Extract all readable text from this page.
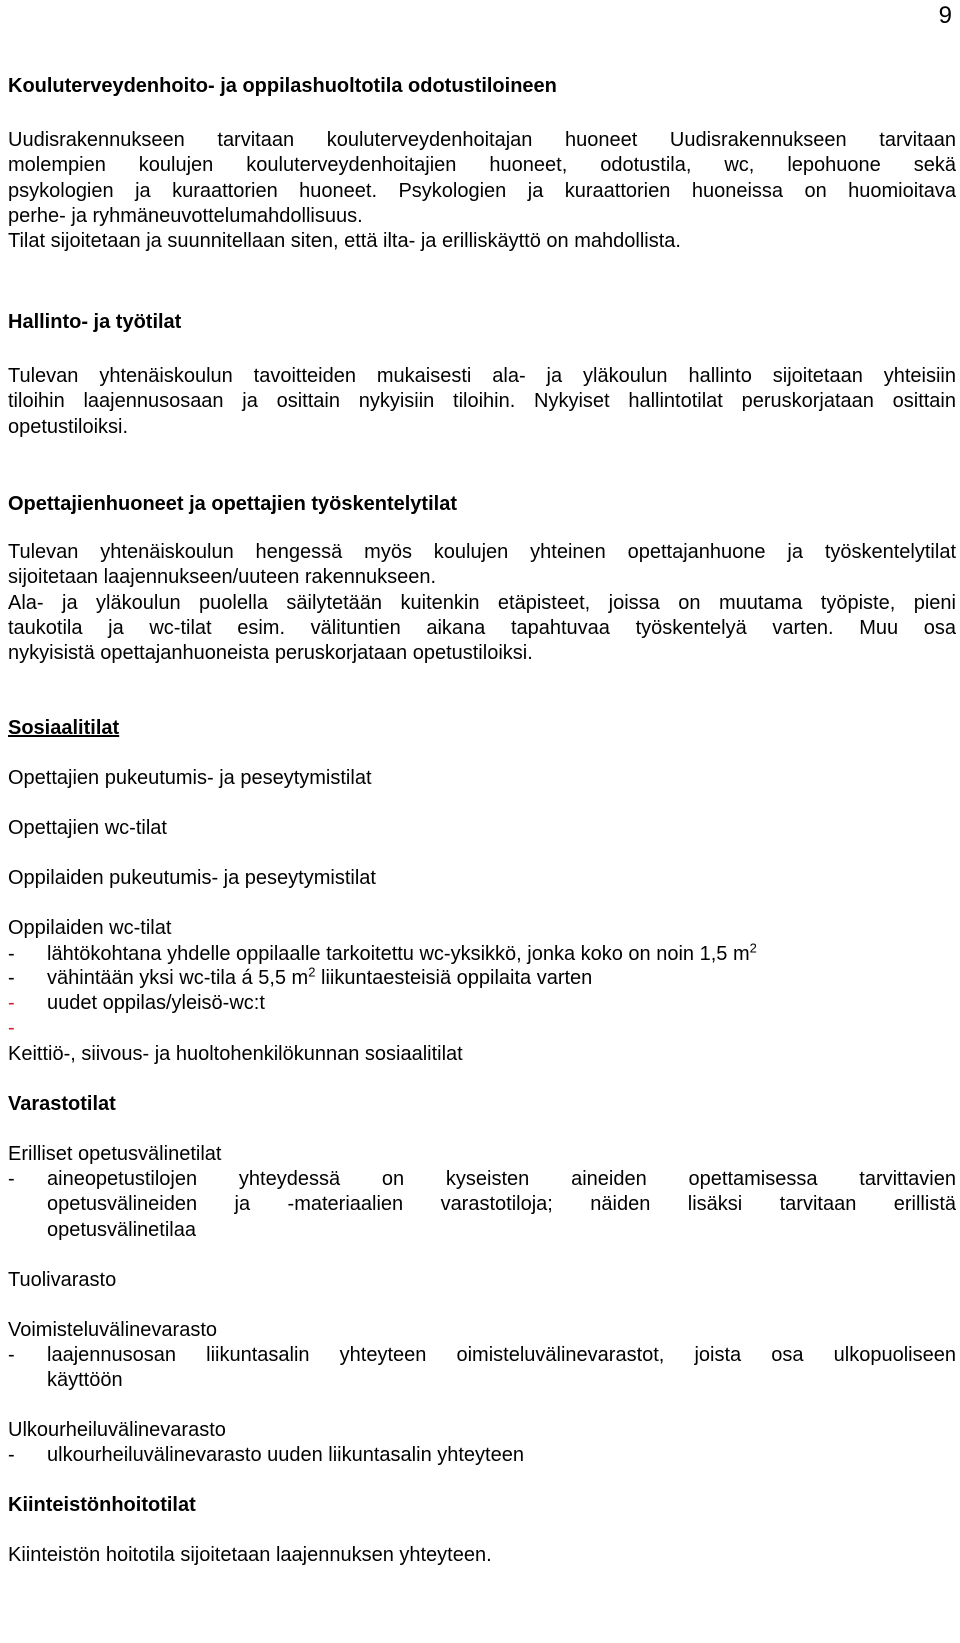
9
Kouluterveydenhoito- ja oppilashuoltotila odotustiloineen
Uudisrakennukseen tarvitaan kouluterveydenhoitajan huoneet Uudisrakennukseen tarvitaan
molempien koulujen kouluterveydenhoitajien huoneet, odotustila, wc, lepohuone sekä
psykologien ja kuraattorien huoneet. Psykologien ja kuraattorien huoneissa on huomioitava
perhe- ja ryhmäneuvottelumahdollisuus.
Tilat sijoitetaan ja suunnitellaan siten, että ilta- ja erilliskäyttö on mahdollista.
Hallinto- ja työtilat
Tulevan yhtenäiskoulun tavoitteiden mukaisesti ala- ja yläkoulun hallinto sijoitetaan yhteisiin
tiloihin laajennusosaan ja osittain nykyisiin tiloihin. Nykyiset hallintotilat peruskorjataan osittain
opetustiloiksi.
Opettajienhuoneet ja opettajien työskentelytilat
Tulevan yhtenäiskoulun hengessä myös koulujen yhteinen opettajanhuone ja työskentelytilat
sijoitetaan laajennukseen/uuteen rakennukseen.
Ala- ja yläkoulun puolella säilytetään kuitenkin etäpisteet, joissa on muutama työpiste, pieni
taukotila ja wc-tilat esim. välituntien aikana tapahtuvaa työskentelyä varten. Muu osa
nykyisistä opettajanhuoneista peruskorjataan opetustiloiksi.
Sosiaalitilat
Opettajien pukeutumis- ja peseytymistilat
Opettajien wc-tilat
Oppilaiden pukeutumis- ja peseytymistilat
Oppilaiden wc-tilat
- lähtökohtana yhdelle oppilaalle tarkoitettu wc-yksikkö, jonka koko on noin 1,5 $m^2$
- vähintään yksi wc-tila á 5,5 $m^2$ liikuntaesteisiä oppilaita varten
- uudet oppilas/yleisö-wc:t
-
Keittiö-, siivous- ja huoltohenkilökunnan sosiaalitilat
Varastotilat
Erilliset opetusvälinetilat
- aineopetustilojen yhteydessä on kyseisten aineiden opettamisessa tarvittavien
opetusvälineiden ja -materiaalien varastotiloja; näiden lisäksi tarvitaan erillistä
opetusvälinetilaa
Tuolivarasto
Voimisteluvälinevarasto
- laajennusosan liikuntasalin yhteyteen oimisteluvälinevarastot, joista osa ulkopuoliseen
käyttöön
Ulkourheiluvälinevarasto
- ulkourheiluvälinevarasto uuden liikuntasalin yhteyteen
Kiinteistönhoitotilat
Kiinteistön hoitotila sijoitetaan laajennuksen yhteyteen.
